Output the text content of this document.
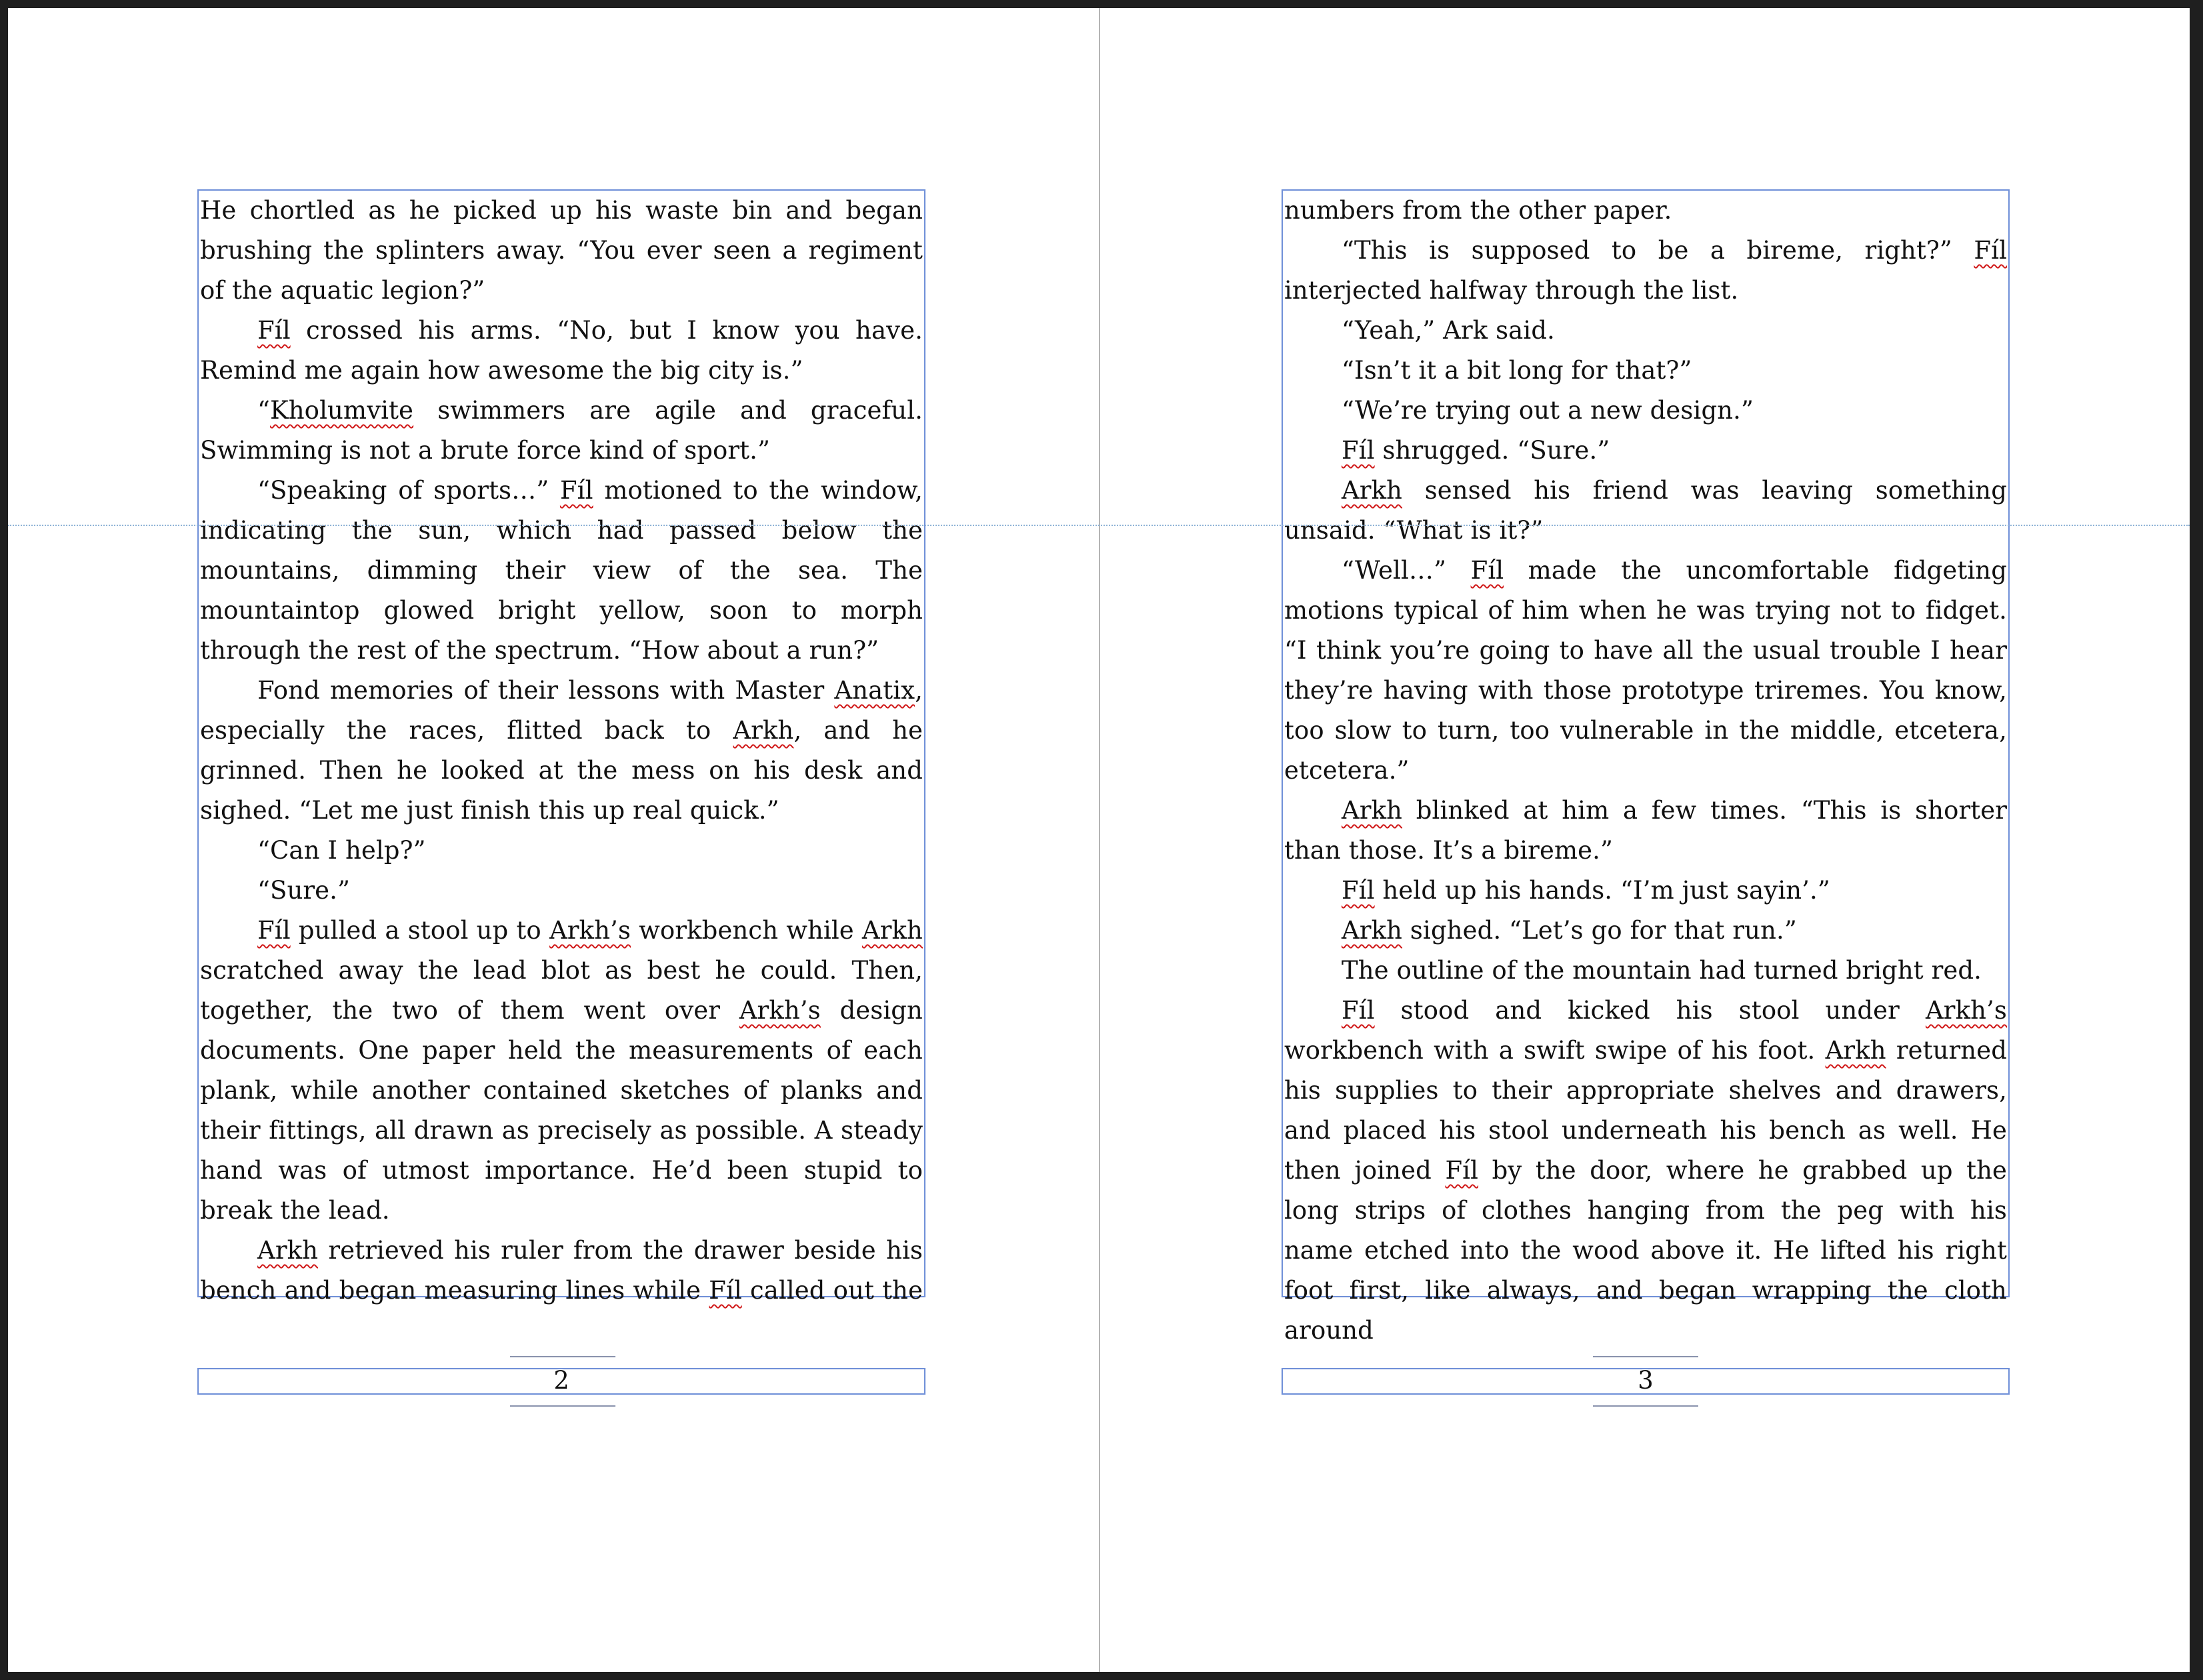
He chortled as he picked up his waste bin and began brushing the splinters away. “You ever seen a regiment of the aquatic legion?”

Fíl crossed his arms. “No, but I know you have. Remind me again how awesome the big city is.”

“Kholumvite swimmers are agile and graceful. Swimming is not a brute force kind of sport.”

“Speaking of sports…” Fíl motioned to the window, indicating the sun, which had passed below the mountains, dimming their view of the sea. The mountaintop glowed bright yellow, soon to morph through the rest of the spectrum. “How about a run?”

Fond memories of their lessons with Master Anatix, especially the races, flitted back to Arkh, and he grinned. Then he looked at the mess on his desk and sighed. “Let me just finish this up real quick.”

“Can I help?”

“Sure.”

Fíl pulled a stool up to Arkh’s workbench while Arkh scratched away the lead blot as best he could. Then, together, the two of them went over Arkh’s design documents. One paper held the measurements of each plank, while another contained sketches of planks and their fittings, all drawn as precisely as possible. A steady hand was of utmost importance. He’d been stupid to break the lead.

Arkh retrieved his ruler from the drawer beside his bench and began measuring lines while Fíl called out the

2

numbers from the other paper.

“This is supposed to be a bireme, right?” Fíl interjected halfway through the list.

“Yeah,” Ark said.

“Isn’t it a bit long for that?”

“We’re trying out a new design.”

Fíl shrugged. “Sure.”

Arkh sensed his friend was leaving something unsaid. “What is it?”

“Well…” Fíl made the uncomfortable fidgeting motions typical of him when he was trying not to fidget. “I think you’re going to have all the usual trouble I hear they’re having with those prototype triremes. You know, too slow to turn, too vulnerable in the middle, etcetera, etcetera.”

Arkh blinked at him a few times. “This is shorter than those. It’s a bireme.”

Fíl held up his hands. “I’m just sayin’.”

Arkh sighed. “Let’s go for that run.”

The outline of the mountain had turned bright red.

Fíl stood and kicked his stool under Arkh’s workbench with a swift swipe of his foot. Arkh returned his supplies to their appropriate shelves and drawers, and placed his stool underneath his bench as well. He then joined Fíl by the door, where he grabbed up the long strips of clothes hanging from the peg with his name etched into the wood above it. He lifted his right foot first, like always, and began wrapping the cloth around

3
